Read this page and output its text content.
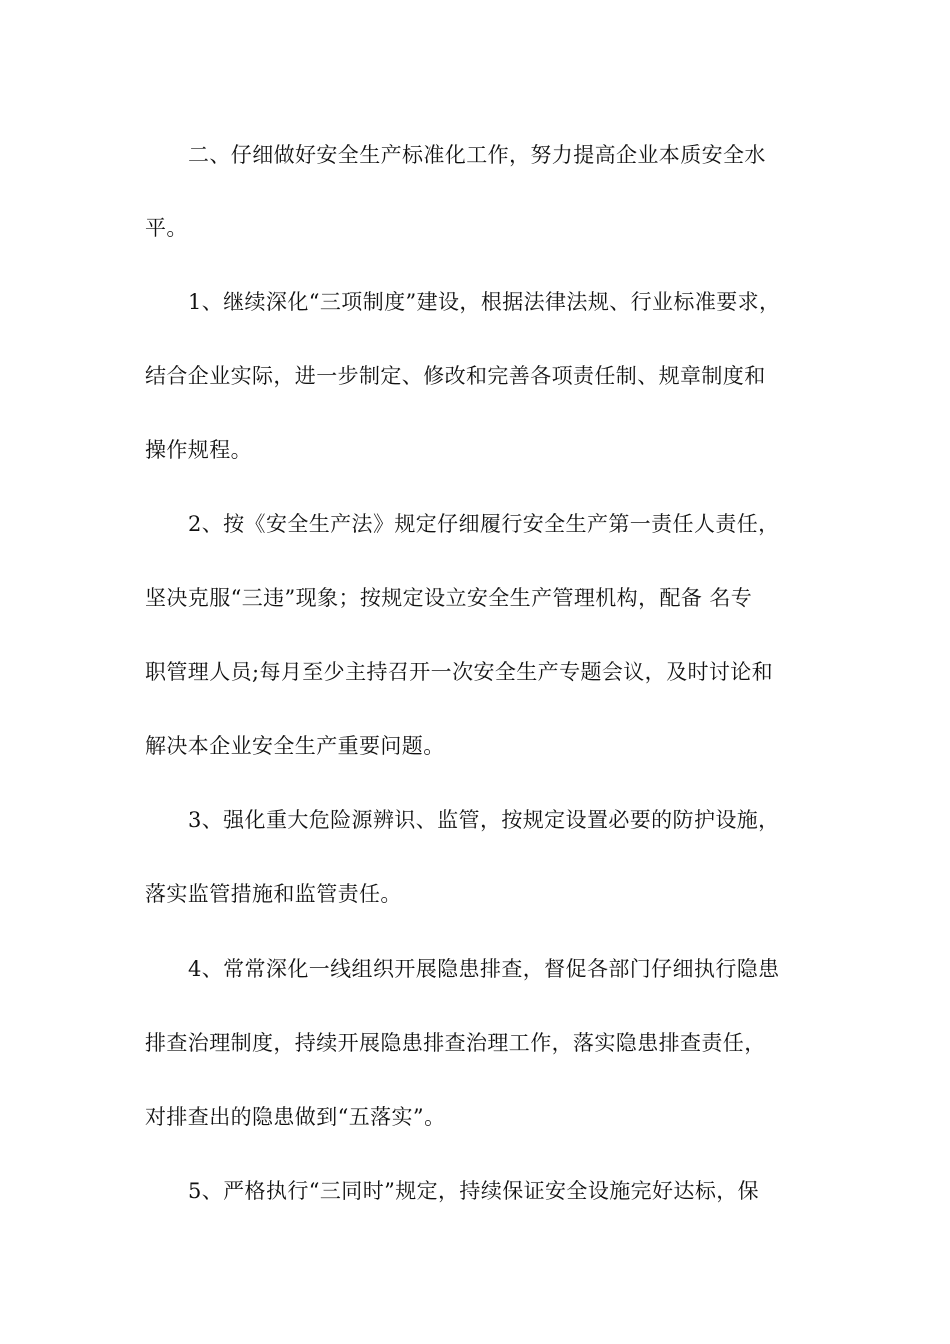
二、仔细做好安全生产标准化工作，努力提高企业本质安全水
平。
1、继续深化“三项制度”建设，根据法律法规、行业标准要求，
结合企业实际，进一步制定、修改和完善各项责任制、规章制度和
操作规程。
2、按《安全生产法》规定仔细履行安全生产第一责任人责任，
坚决克服“三违”现象；按规定设立安全生产管理机构，配备 名专
职管理人员;每月至少主持召开一次安全生产专题会议，及时讨论和
解决本企业安全生产重要问题。
3、强化重大危险源辨识、监管，按规定设置必要的防护设施，
落实监管措施和监管责任。
4、常常深化一线组织开展隐患排查，督促各部门仔细执行隐患
排查治理制度，持续开展隐患排查治理工作，落实隐患排查责任，
对排查出的隐患做到“五落实”。
5、严格执行“三同时”规定，持续保证安全设施完好达标，保
